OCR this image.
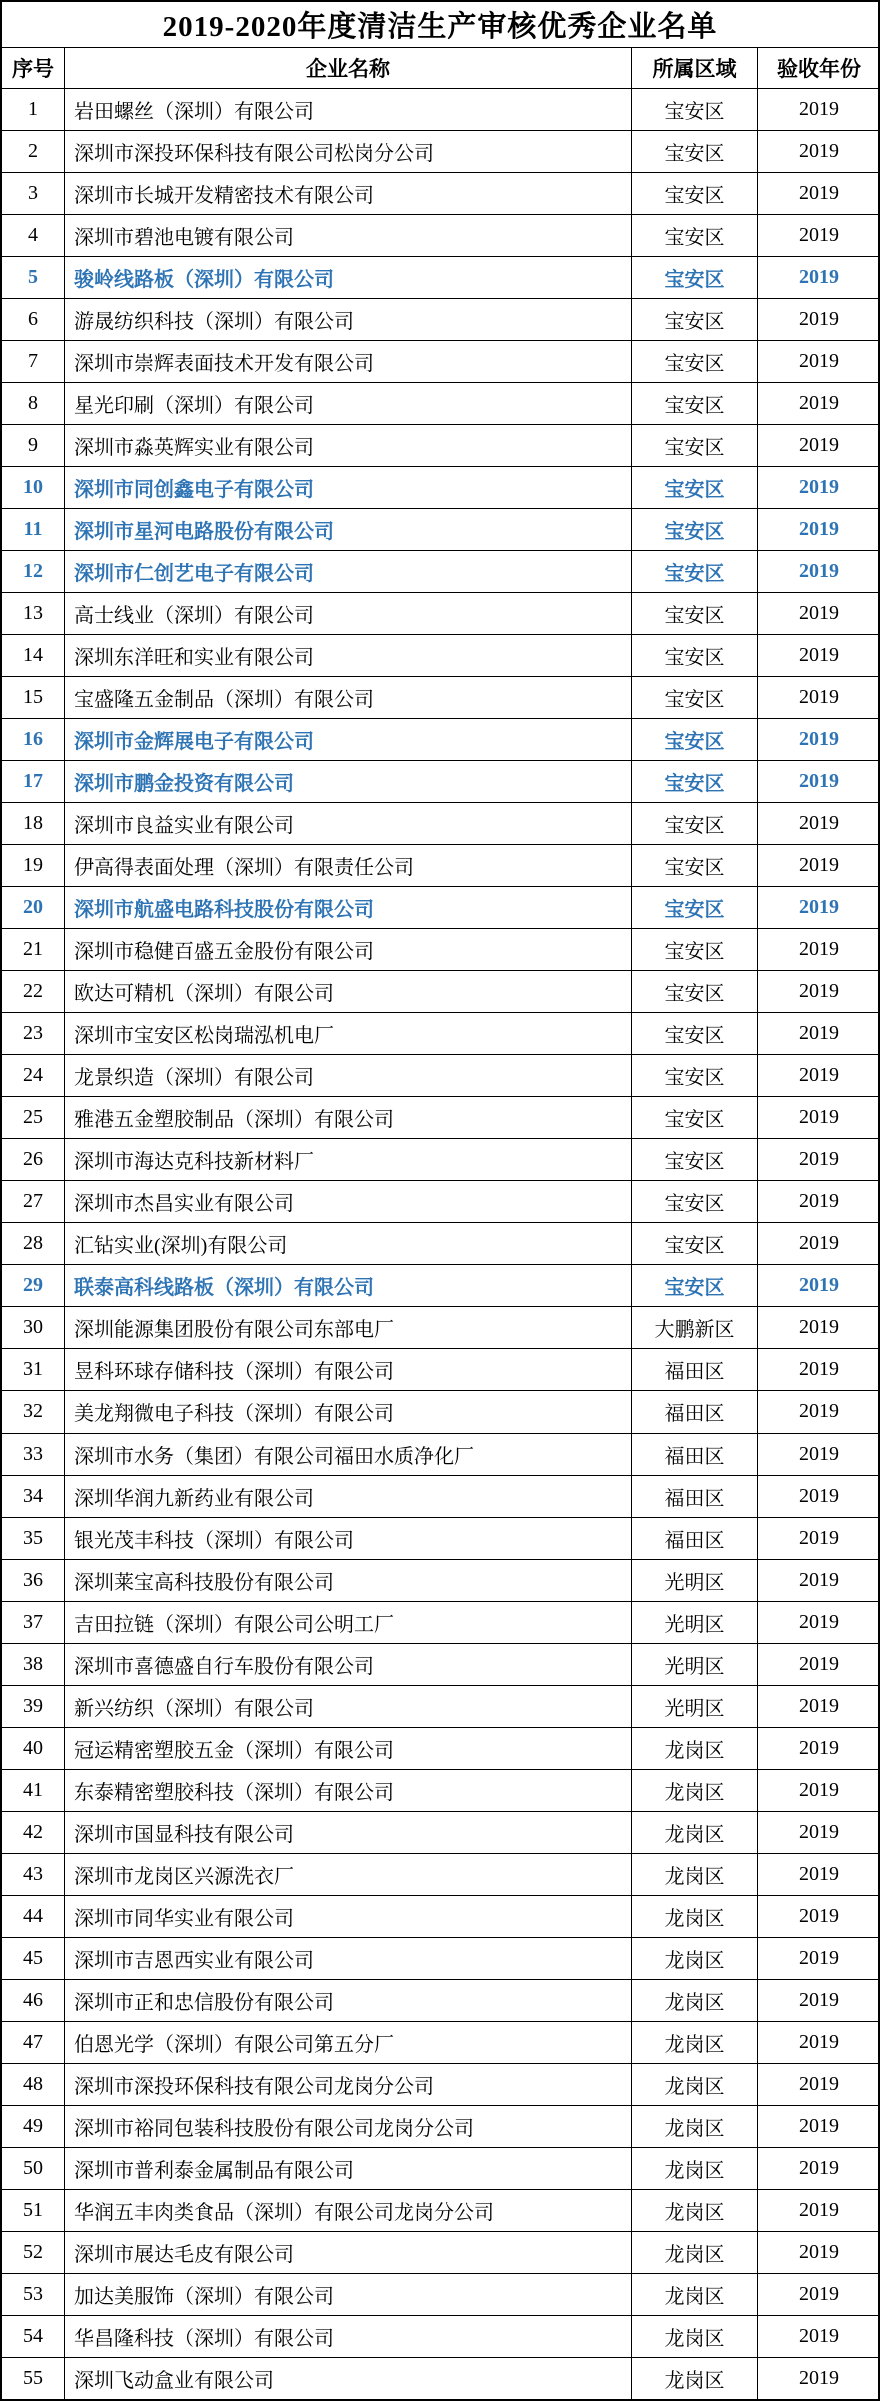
2019-2020年度清洁生产审核优秀企业名单
序号	企业名称	所属区域	验收年份
1	岩田螺丝（深圳）有限公司	宝安区	2019
2	深圳市深投环保科技有限公司松岗分公司	宝安区	2019
3	深圳市长城开发精密技术有限公司	宝安区	2019
4	深圳市碧池电镀有限公司	宝安区	2019
5	骏岭线路板（深圳）有限公司	宝安区	2019
6	游晟纺织科技（深圳）有限公司	宝安区	2019
7	深圳市崇辉表面技术开发有限公司	宝安区	2019
8	星光印刷（深圳）有限公司	宝安区	2019
9	深圳市淼英辉实业有限公司	宝安区	2019
10	深圳市同创鑫电子有限公司	宝安区	2019
11	深圳市星河电路股份有限公司	宝安区	2019
12	深圳市仁创艺电子有限公司	宝安区	2019
13	高士线业（深圳）有限公司	宝安区	2019
14	深圳东洋旺和实业有限公司	宝安区	2019
15	宝盛隆五金制品（深圳）有限公司	宝安区	2019
16	深圳市金辉展电子有限公司	宝安区	2019
17	深圳市鹏金投资有限公司	宝安区	2019
18	深圳市良益实业有限公司	宝安区	2019
19	伊高得表面处理（深圳）有限责任公司	宝安区	2019
20	深圳市航盛电路科技股份有限公司	宝安区	2019
21	深圳市稳健百盛五金股份有限公司	宝安区	2019
22	欧达可精机（深圳）有限公司	宝安区	2019
23	深圳市宝安区松岗瑞泓机电厂	宝安区	2019
24	龙景织造（深圳）有限公司	宝安区	2019
25	雅港五金塑胶制品（深圳）有限公司	宝安区	2019
26	深圳市海达克科技新材料厂	宝安区	2019
27	深圳市杰昌实业有限公司	宝安区	2019
28	汇钻实业(深圳)有限公司	宝安区	2019
29	联泰高科线路板（深圳）有限公司	宝安区	2019
30	深圳能源集团股份有限公司东部电厂	大鹏新区	2019
31	昱科环球存储科技（深圳）有限公司	福田区	2019
32	美龙翔微电子科技（深圳）有限公司	福田区	2019
33	深圳市水务（集团）有限公司福田水质净化厂	福田区	2019
34	深圳华润九新药业有限公司	福田区	2019
35	银光茂丰科技（深圳）有限公司	福田区	2019
36	深圳莱宝高科技股份有限公司	光明区	2019
37	吉田拉链（深圳）有限公司公明工厂	光明区	2019
38	深圳市喜德盛自行车股份有限公司	光明区	2019
39	新兴纺织（深圳）有限公司	光明区	2019
40	冠运精密塑胶五金（深圳）有限公司	龙岗区	2019
41	东泰精密塑胶科技（深圳）有限公司	龙岗区	2019
42	深圳市国显科技有限公司	龙岗区	2019
43	深圳市龙岗区兴源洗衣厂	龙岗区	2019
44	深圳市同华实业有限公司	龙岗区	2019
45	深圳市吉恩西实业有限公司	龙岗区	2019
46	深圳市正和忠信股份有限公司	龙岗区	2019
47	伯恩光学（深圳）有限公司第五分厂	龙岗区	2019
48	深圳市深投环保科技有限公司龙岗分公司	龙岗区	2019
49	深圳市裕同包装科技股份有限公司龙岗分公司	龙岗区	2019
50	深圳市普利泰金属制品有限公司	龙岗区	2019
51	华润五丰肉类食品（深圳）有限公司龙岗分公司	龙岗区	2019
52	深圳市展达毛皮有限公司	龙岗区	2019
53	加达美服饰（深圳）有限公司	龙岗区	2019
54	华昌隆科技（深圳）有限公司	龙岗区	2019
55	深圳飞动盒业有限公司	龙岗区	2019
